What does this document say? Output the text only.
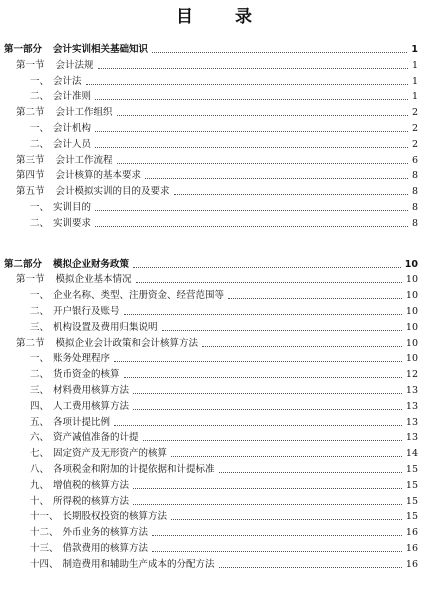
目 录
第一部分 会计实训相关基础知识	1
第一节 会计法规	1
一、 会计法	1
二、 会计准则	1
第二节 会计工作组织	2
一、 会计机构	2
二、 会计人员	2
第三节 会计工作流程	6
第四节 会计核算的基本要求	8
第五节 会计模拟实训的目的及要求	8
一、 实训目的	8
二、 实训要求	8
第二部分 模拟企业财务政策	10
第一节 模拟企业基本情况	10
一、 企业名称、类型、注册资金、经营范围等	10
二、 开户银行及账号	10
三、 机构设置及费用归集说明	10
第二节 模拟企业会计政策和会计核算方法	10
一、 账务处理程序	10
二、 货币资金的核算	12
三、 材料费用核算方法	13
四、 人工费用核算方法	13
五、 各项计提比例	13
六、 资产减值准备的计提	13
七、 固定资产及无形资产的核算	14
八、 各项税金和附加的计提依据和计提标准	15
九、 增值税的核算方法	15
十、 所得税的核算方法	15
十一、 长期股权投资的核算方法	15
十二、 外币业务的核算方法	16
十三、 借款费用的核算方法	16
十四、 制造费用和辅助生产成本的分配方法	16
